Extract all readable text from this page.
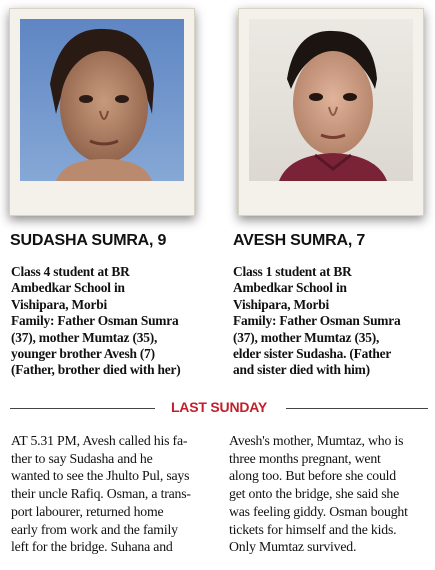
SUDASHA SUMRA, 9	AVESH SUMRA, 7
Class 4 student at BR
Ambedkar School in
Vishipara, Morbi
Family: Father Osman Sumra
(37), mother Mumtaz (35),
younger brother Avesh (7)
(Father, brother died with her)
Class 1 student at BR
Ambedkar School in
Vishipara, Morbi
Family: Father Osman Sumra
(37), mother Mumtaz (35),
elder sister Sudasha. (Father
and sister died with him)
LAST SUNDAY
AT 5.31 PM, Avesh called his fa-
ther to say Sudasha and he
wanted to see the Jhulto Pul, says
their uncle Rafiq. Osman, a trans-
port labourer, returned home
early from work and the family
left for the bridge. Suhana and
Avesh's mother, Mumtaz, who is
three months pregnant, went
along too. But before she could
get onto the bridge, she said she
was feeling giddy. Osman bought
tickets for himself and the kids.
Only Mumtaz survived.
